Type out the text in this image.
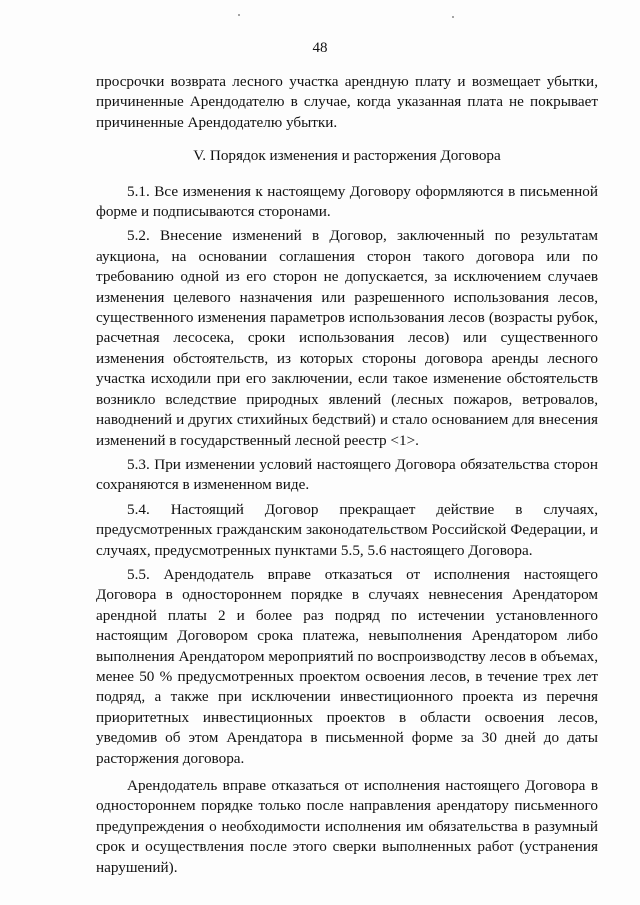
48

просрочки возврата лесного участка арендную плату и возмещает убытки, причиненные Арендодателю в случае, когда указанная плата не покрывает причиненные Арендодателю убытки.

V. Порядок изменения и расторжения Договора

5.1. Все изменения к настоящему Договору оформляются в письменной форме и подписываются сторонами.

5.2. Внесение изменений в Договор, заключенный по результатам аукциона, на основании соглашения сторон такого договора или по требованию одной из его сторон не допускается, за исключением случаев изменения целевого назначения или разрешенного использования лесов, существенного изменения параметров использования лесов (возрасты рубок, расчетная лесосека, сроки использования лесов) или существенного изменения обстоятельств, из которых стороны договора аренды лесного участка исходили при его заключении, если такое изменение обстоятельств возникло вследствие природных явлений (лесных пожаров, ветровалов, наводнений и других стихийных бедствий) и стало основанием для внесения изменений в государственный лесной реестр <1>.

5.3. При изменении условий настоящего Договора обязательства сторон сохраняются в измененном виде.

5.4. Настоящий Договор прекращает действие в случаях, предусмотренных гражданским законодательством Российской Федерации, и случаях, предусмотренных пунктами 5.5, 5.6 настоящего Договора.

5.5. Арендодатель вправе отказаться от исполнения настоящего Договора в одностороннем порядке в случаях невнесения Арендатором арендной платы 2 и более раз подряд по истечении установленного настоящим Договором срока платежа, невыполнения Арендатором либо выполнения Арендатором мероприятий по воспроизводству лесов в объемах, менее 50 % предусмотренных проектом освоения лесов, в течение трех лет подряд, а также при исключении инвестиционного проекта из перечня приоритетных инвестиционных проектов в области освоения лесов, уведомив об этом Арендатора в письменной форме за 30 дней до даты расторжения договора.

Арендодатель вправе отказаться от исполнения настоящего Договора в одностороннем порядке только после направления арендатору письменного предупреждения о необходимости исполнения им обязательства в разумный срок и осуществления после этого сверки выполненных работ (устранения нарушений).
